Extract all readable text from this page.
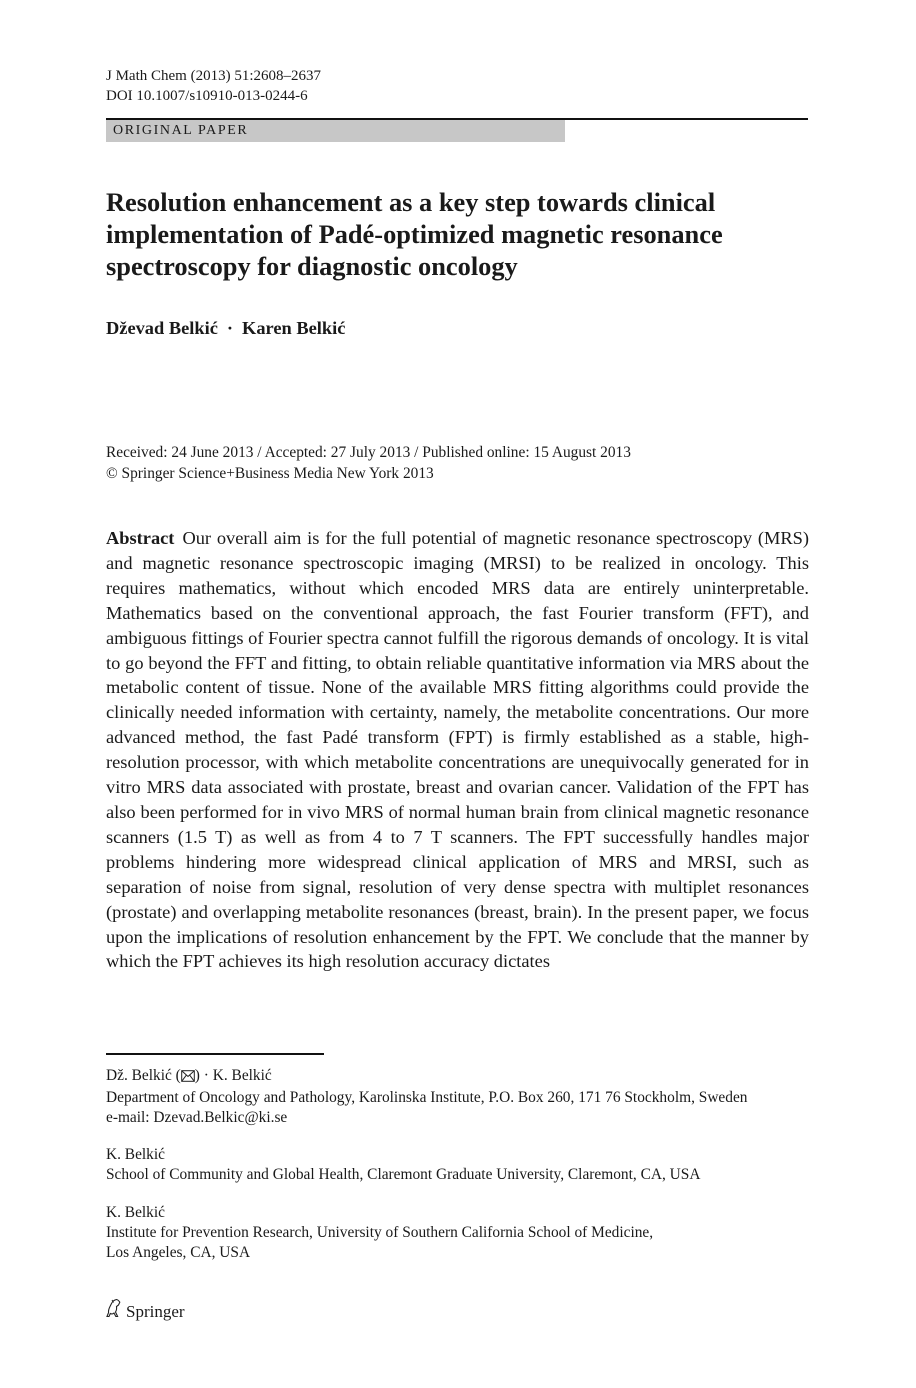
J Math Chem (2013) 51:2608–2637
DOI 10.1007/s10910-013-0244-6
ORIGINAL PAPER
Resolution enhancement as a key step towards clinical
implementation of Padé-optimized magnetic resonance
spectroscopy for diagnostic oncology
Dževad Belkić · Karen Belkić
Received: 24 June 2013 / Accepted: 27 July 2013 / Published online: 15 August 2013
© Springer Science+Business Media New York 2013

Abstract Our overall aim is for the full potential of magnetic resonance spectroscopy (MRS) and magnetic resonance spectroscopic imaging (MRSI) to be realized in oncology. This requires mathematics, without which encoded MRS data are entirely uninterpretable. Mathematics based on the conventional approach, the fast Fourier transform (FFT), and ambiguous fittings of Fourier spectra cannot fulfill the rigorous demands of oncology. It is vital to go beyond the FFT and fitting, to obtain reliable quantitative information via MRS about the metabolic content of tissue. None of the available MRS fitting algorithms could provide the clinically needed information with certainty, namely, the metabolite concentrations. Our more advanced method, the fast Padé transform (FPT) is firmly established as a stable, high-resolution processor, with which metabolite concentrations are unequivocally generated for in vitro MRS data associated with prostate, breast and ovarian cancer. Validation of the FPT has also been performed for in vivo MRS of normal human brain from clinical magnetic resonance scanners (1.5 T) as well as from 4 to 7 T scanners. The FPT successfully handles major problems hindering more widespread clinical application of MRS and MRSI, such as separation of noise from signal, resolution of very dense spectra with multiplet resonances (prostate) and overlapping metabolite resonances (breast, brain). In the present paper, we focus upon the implications of resolution enhancement by the FPT. We conclude that the manner by which the FPT achieves its high resolution accuracy dictates

Dž. Belkić ( ) · K. Belkić
Department of Oncology and Pathology, Karolinska Institute, P.O. Box 260, 171 76 Stockholm, Sweden
e-mail: Dzevad.Belkic@ki.se
K. Belkić
School of Community and Global Health, Claremont Graduate University, Claremont, CA, USA
K. Belkić
Institute for Prevention Research, University of Southern California School of Medicine,
Los Angeles, CA, USA
Springer
